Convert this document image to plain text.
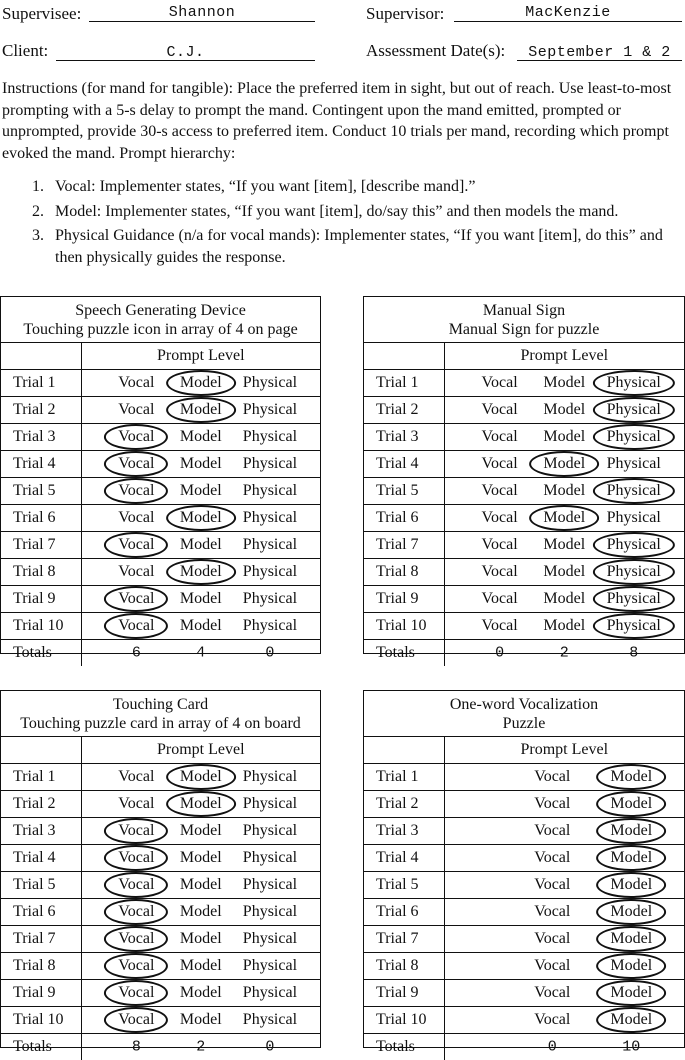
Supervisee:	Shannon	Supervisor:	MacKenzie
Client:	C.J.	Assessment Date(s):	September 1 & 2

Instructions (for mand for tangible): Place the preferred item in sight, but out of reach. Use least-to-most prompting with a 5-s delay to prompt the mand. Contingent upon the mand emitted, prompted or unprompted, provide 30-s access to preferred item. Conduct 10 trials per mand, recording which prompt evoked the mand. Prompt hierarchy:

1. Vocal: Implementer states, “If you want [item], [describe mand].”
2. Model: Implementer states, “If you want [item], do/say this” and then models the mand.
3. Physical Guidance (n/a for vocal mands): Implementer states, “If you want [item], do this” and then physically guides the response.
Speech Generating Device
Touching puzzle icon in array of 4 on page	

	Prompt Level
Trial 1	Vocal Model Physical

Trial 2	Vocal Model Physical

Trial 3	Vocal Model Physical

Trial 4	Vocal Model Physical

Trial 5	Vocal Model Physical

Trial 6	Vocal Model Physical

Trial 7	Vocal Model Physical

Trial 8	Vocal Model Physical

Trial 9	Vocal Model Physical

Trial 10	Vocal Model Physical

Totals	6 4 0
Manual Sign
Manual Sign for puzzle	

	Prompt Level
Trial 1	Vocal Model Physical

Trial 2	Vocal Model Physical

Trial 3	Vocal Model Physical

Trial 4	Vocal Model Physical

Trial 5	Vocal Model Physical

Trial 6	Vocal Model Physical

Trial 7	Vocal Model Physical

Trial 8	Vocal Model Physical

Trial 9	Vocal Model Physical

Trial 10	Vocal Model Physical

Totals	0 2 8
Touching Card
Touching puzzle card in array of 4 on board	

	Prompt Level
Trial 1	Vocal Model Physical

Trial 2	Vocal Model Physical

Trial 3	Vocal Model Physical

Trial 4	Vocal Model Physical

Trial 5	Vocal Model Physical

Trial 6	Vocal Model Physical

Trial 7	Vocal Model Physical

Trial 8	Vocal Model Physical

Trial 9	Vocal Model Physical

Trial 10	Vocal Model Physical

Totals	8 2 0
One-word Vocalization
Puzzle	

	Prompt Level
Trial 1	Vocal Model

Trial 2	Vocal Model

Trial 3	Vocal Model

Trial 4	Vocal Model

Trial 5	Vocal Model

Trial 6	Vocal Model

Trial 7	Vocal Model

Trial 8	Vocal Model

Trial 9	Vocal Model

Trial 10	Vocal Model

Totals	0 10
